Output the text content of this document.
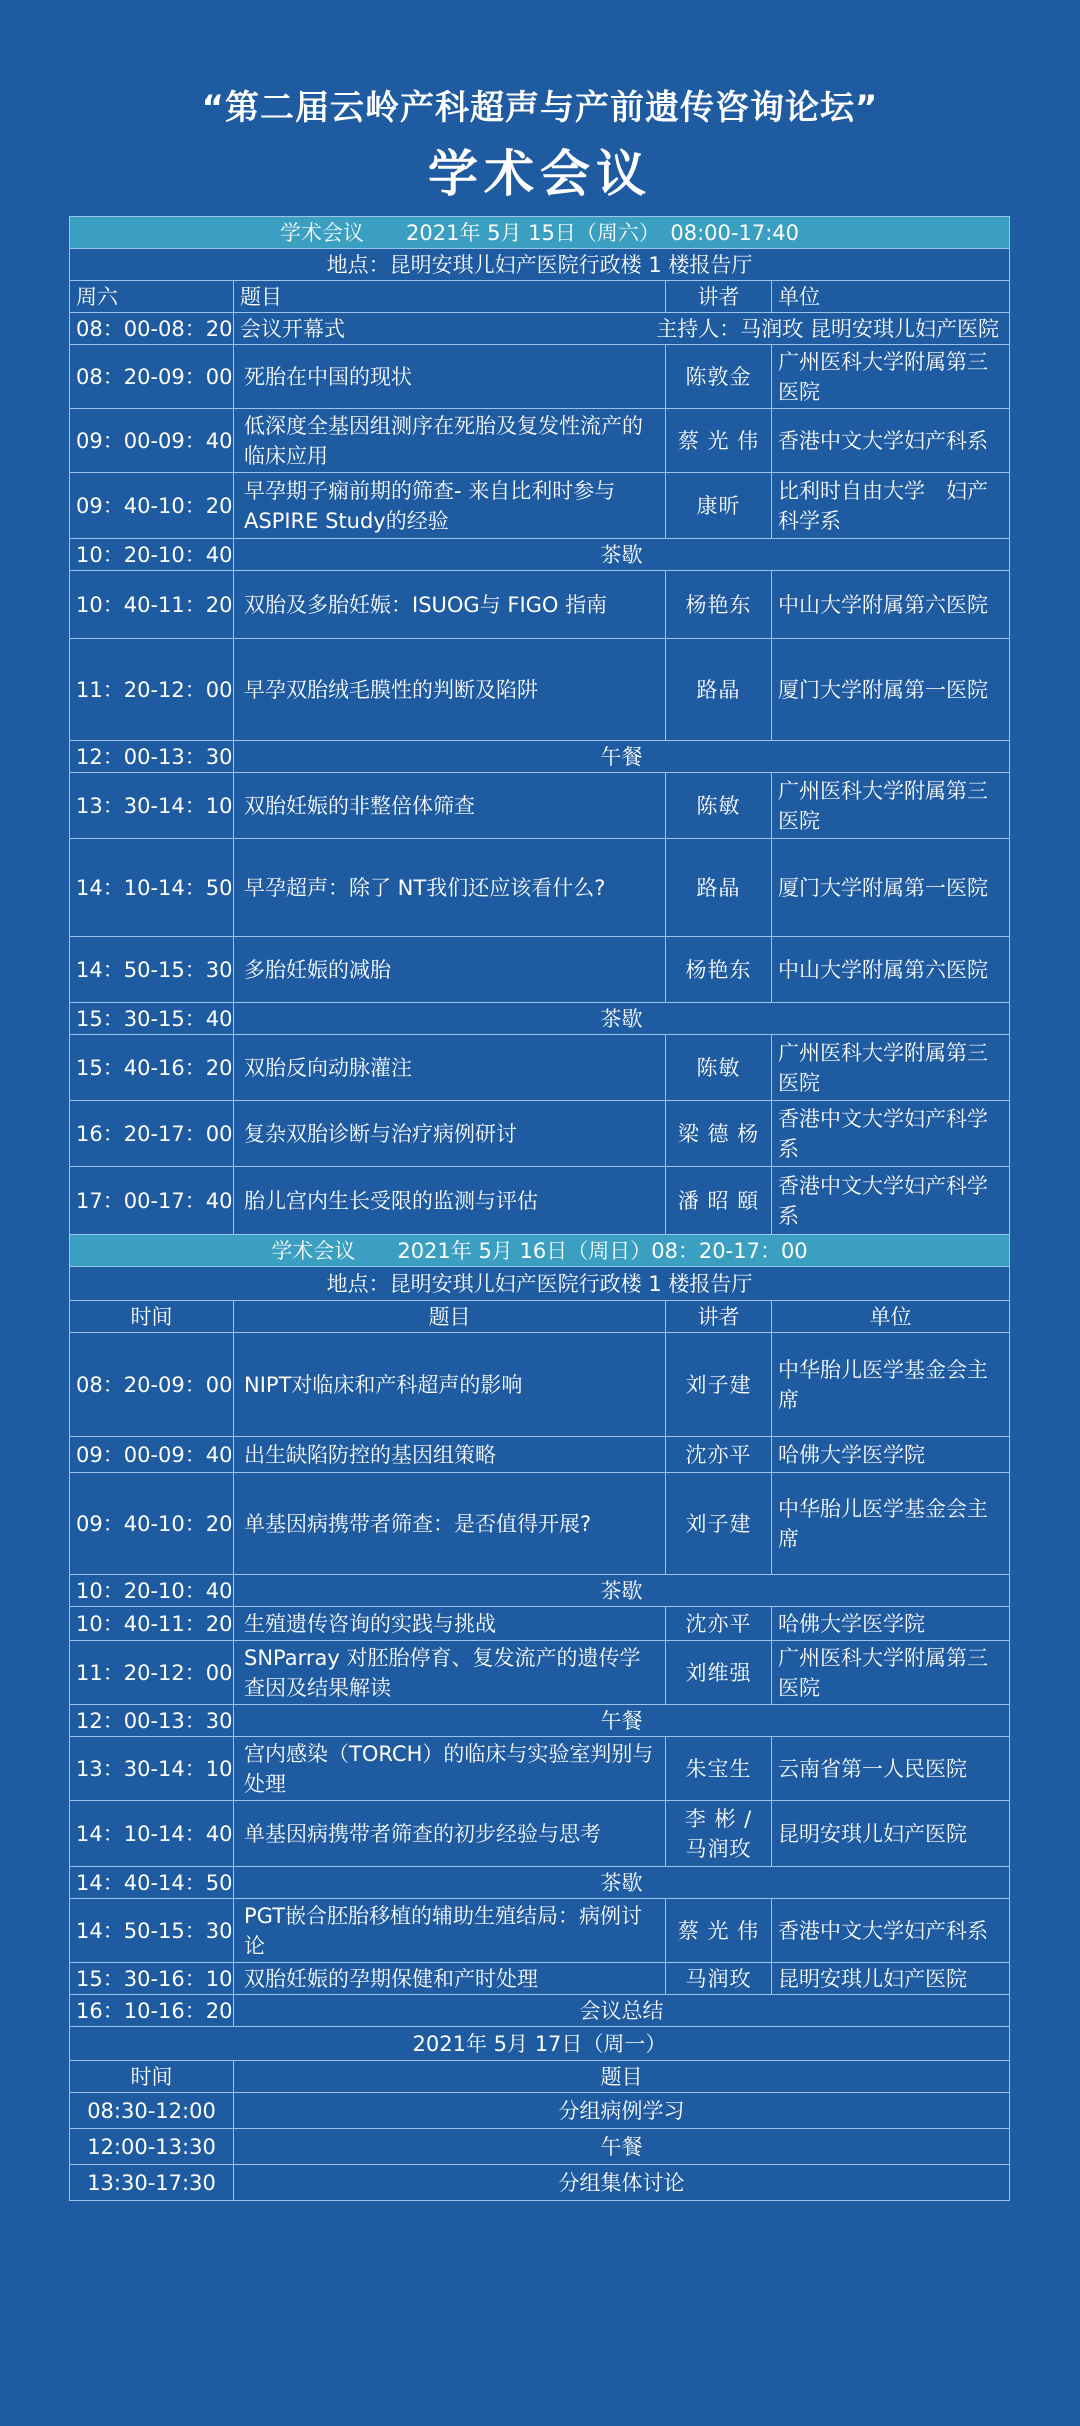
“第二届云岭产科超声与产前遗传咨询论坛”
学术会议
学术会议　　2021年 5月 15日（周六）　08:00-17:40			
地点：昆明安琪儿妇产医院行政楼 1 楼报告厅			
周六	题目	讲者	单位
08：00-08：20	会议开幕式 主持人：马润玫 昆明安琪儿妇产医院		

08：20-09：00	死胎在中国的现状	陈敦金	广州医科大学附属第三医院
09：00-09：40	低深度全基因组测序在死胎及复发性流产的临床应用	蔡 光 伟	香港中文大学妇产科系
09：40-10：20	早孕期子痫前期的筛查- 来自比利时参与ASPIRE Study的经验	康昕	比利时自由大学　妇产科学系
10：20-10：40	茶歇		
10：40-11：20	双胎及多胎妊娠：ISUOG与 FIGO 指南	杨艳东	中山大学附属第六医院
11：20-12：00	早孕双胎绒毛膜性的判断及陷阱	路晶	厦门大学附属第一医院
12：00-13：30	午餐		
13：30-14：10	双胎妊娠的非整倍体筛查	陈敏	广州医科大学附属第三医院
14：10-14：50	早孕超声：除了 NT我们还应该看什么?	路晶	厦门大学附属第一医院
14：50-15：30	多胎妊娠的减胎	杨艳东	中山大学附属第六医院
15：30-15：40	茶歇		
15：40-16：20	双胎反向动脉灌注	陈敏	广州医科大学附属第三医院
16：20-17：00	复杂双胎诊断与治疗病例研讨	梁 德 杨	香港中文大学妇产科学系
17：00-17：40	胎儿宫内生长受限的监测与评估	潘 昭 頤	香港中文大学妇产科学系
学术会议　　2021年 5月 16日（周日）08：20-17：00			
地点：昆明安琪儿妇产医院行政楼 1 楼报告厅			
时间	题目	讲者	单位
08：20-09：00	NIPT对临床和产科超声的影响	刘子建	中华胎儿医学基金会主席
09：00-09：40	出生缺陷防控的基因组策略	沈亦平	哈佛大学医学院
09：40-10：20	单基因病携带者筛查：是否值得开展?	刘子建	中华胎儿医学基金会主席
10：20-10：40	茶歇		
10：40-11：20	生殖遗传咨询的实践与挑战	沈亦平	哈佛大学医学院
11：20-12：00	SNParray 对胚胎停育、复发流产的遗传学查因及结果解读	刘维强	广州医科大学附属第三医院
12：00-13：30	午餐		
13：30-14：10	宫内感染（TORCH）的临床与实验室判别与处理	朱宝生	云南省第一人民医院
14：10-14：40	单基因病携带者筛查的初步经验与思考	李 彬 / 马润玫	昆明安琪儿妇产医院
14：40-14：50	茶歇		
14：50-15：30	PGT嵌合胚胎移植的辅助生殖结局：病例讨论	蔡 光 伟	香港中文大学妇产科系
15：30-16：10	双胎妊娠的孕期保健和产时处理	马润玫	昆明安琪儿妇产医院
16：10-16：20	会议总结		
2021年 5月 17日（周一）			
时间	题目		
08:30-12:00	分组病例学习		
12:00-13:30	午餐		
13:30-17:30	分组集体讨论		
